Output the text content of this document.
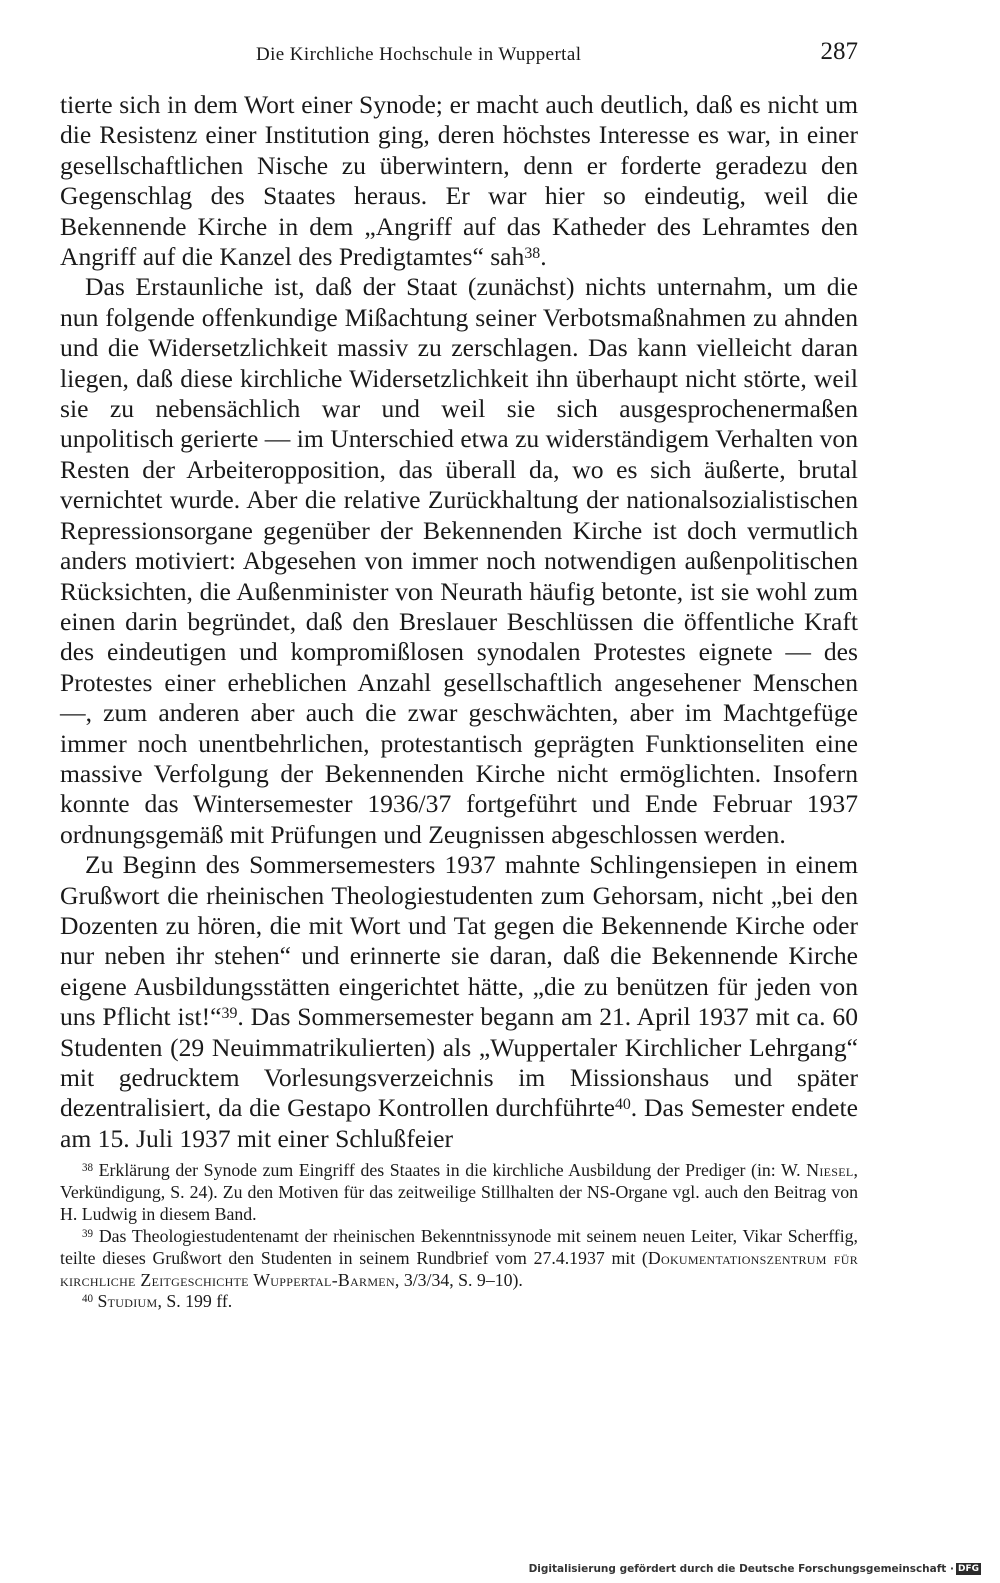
Die Kirchliche Hochschule in Wuppertal	287

tierte sich in dem Wort einer Synode; er macht auch deutlich, daß es nicht um die Resistenz einer Institution ging, deren höchstes Interesse es war, in einer gesellschaftlichen Nische zu überwintern, denn er forderte geradezu den Gegenschlag des Staates heraus. Er war hier so eindeutig, weil die Bekennende Kirche in dem „Angriff auf das Katheder des Lehramtes den Angriff auf die Kanzel des Predigtamtes“ sah$^{38}$.

Das Erstaunliche ist, daß der Staat (zunächst) nichts unternahm, um die nun folgende offenkundige Mißachtung seiner Verbotsmaßnahmen zu ahnden und die Widersetzlichkeit massiv zu zerschlagen. Das kann vielleicht daran liegen, daß diese kirchliche Widersetzlichkeit ihn überhaupt nicht störte, weil sie zu nebensächlich war und weil sie sich ausgesprochenermaßen unpolitisch gerierte — im Unterschied etwa zu widerständigem Verhalten von Resten der Arbeiteropposition, das überall da, wo es sich äußerte, brutal vernichtet wurde. Aber die relative Zurückhaltung der nationalsozialistischen Repressionsorgane gegenüber der Bekennenden Kirche ist doch vermutlich anders motiviert: Abgesehen von immer noch notwendigen außenpolitischen Rücksichten, die Außenminister von Neurath häufig betonte, ist sie wohl zum einen darin begründet, daß den Breslauer Beschlüssen die öffentliche Kraft des eindeutigen und kompromißlosen synodalen Protestes eignete — des Protestes einer erheblichen Anzahl gesellschaftlich angesehener Menschen —, zum anderen aber auch die zwar geschwächten, aber im Machtgefüge immer noch unentbehrlichen, protestantisch geprägten Funktionseliten eine massive Verfolgung der Bekennenden Kirche nicht ermöglichten. Insofern konnte das Wintersemester 1936/37 fortgeführt und Ende Februar 1937 ordnungsgemäß mit Prüfungen und Zeugnissen abgeschlossen werden.

Zu Beginn des Sommersemesters 1937 mahnte Schlingensiepen in einem Grußwort die rheinischen Theologiestudenten zum Gehorsam, nicht „bei den Dozenten zu hören, die mit Wort und Tat gegen die Bekennende Kirche oder nur neben ihr stehen“ und erinnerte sie daran, daß die Bekennende Kirche eigene Ausbildungsstätten eingerichtet hätte, „die zu benützen für jeden von uns Pflicht ist!“$^{39}$. Das Sommersemester begann am 21. April 1937 mit ca. 60 Studenten (29 Neuimmatrikulierten) als „Wuppertaler Kirchlicher Lehrgang“ mit gedrucktem Vorlesungsverzeichnis im Missionshaus und später dezentralisiert, da die Gestapo Kontrollen durchführte$^{40}$. Das Semester endete am 15. Juli 1937 mit einer Schlußfeier

$^{38}$ Erklärung der Synode zum Eingriff des Staates in die kirchliche Ausbildung der Prediger (in: W. Niesel, Verkündigung, S. 24). Zu den Motiven für das zeitweilige Stillhalten der NS-Organe vgl. auch den Beitrag von H. Ludwig in diesem Band.

$^{39}$ Das Theologiestudentenamt der rheinischen Bekenntnissynode mit seinem neuen Leiter, Vikar Scherffig, teilte dieses Grußwort den Studenten in seinem Rundbrief vom 27.4.1937 mit (Dokumentationszentrum für kirchliche Zeitgeschichte Wuppertal-Barmen, 3/3/34, S. 9–10).

$^{40}$ Studium, S. 199 ff.

Digitalisierung gefördert durch die Deutsche Forschungsgemeinschaft · DFG
